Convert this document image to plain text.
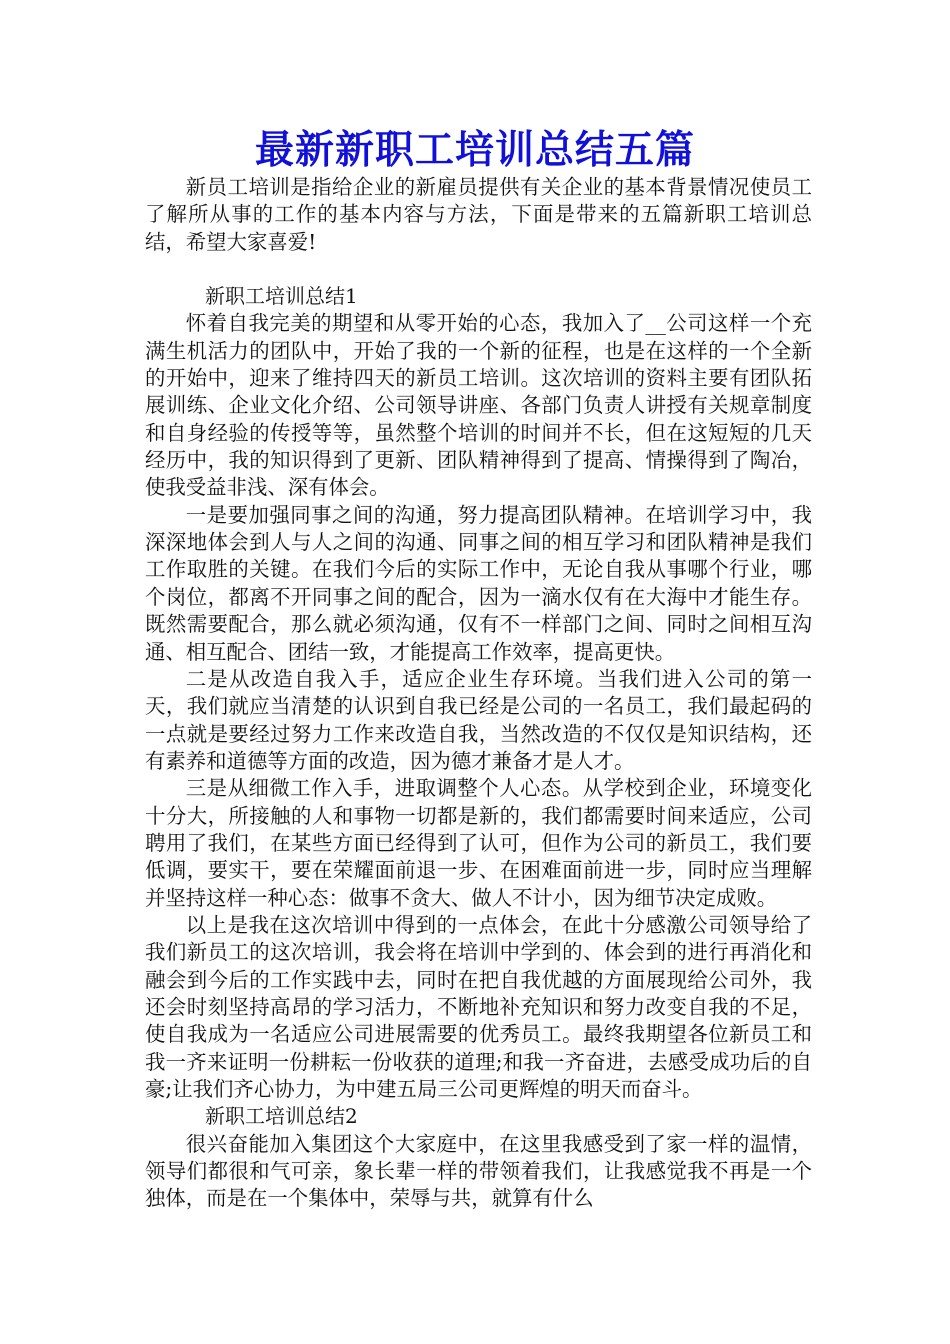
最新新职工培训总结五篇

新员工培训是指给企业的新雇员提供有关企业的基本背景情况使员工了解所从事的工作的基本内容与方法，下面是带来的五篇新职工培训总结，希望大家喜爱!

新职工培训总结1

怀着自我完美的期望和从零开始的心态，我加入了__公司这样一个充满生机活力的团队中，开始了我的一个新的征程，也是在这样的一个全新的开始中，迎来了维持四天的新员工培训。这次培训的资料主要有团队拓展训练、企业文化介绍、公司领导讲座、各部门负责人讲授有关规章制度和自身经验的传授等等，虽然整个培训的时间并不长，但在这短短的几天经历中，我的知识得到了更新、团队精神得到了提高、情操得到了陶冶，使我受益非浅、深有体会。

一是要加强同事之间的沟通，努力提高团队精神。在培训学习中，我深深地体会到人与人之间的沟通、同事之间的相互学习和团队精神是我们工作取胜的关键。在我们今后的实际工作中，无论自我从事哪个行业，哪个岗位，都离不开同事之间的配合，因为一滴水仅有在大海中才能生存。既然需要配合，那么就必须沟通，仅有不一样部门之间、同时之间相互沟通、相互配合、团结一致，才能提高工作效率，提高更快。

二是从改造自我入手，适应企业生存环境。当我们进入公司的第一天，我们就应当清楚的认识到自我已经是公司的一名员工，我们最起码的一点就是要经过努力工作来改造自我，当然改造的不仅仅是知识结构，还有素养和道德等方面的改造，因为德才兼备才是人才。

三是从细微工作入手，进取调整个人心态。从学校到企业，环境变化十分大，所接触的人和事物一切都是新的，我们都需要时间来适应，公司聘用了我们，在某些方面已经得到了认可，但作为公司的新员工，我们要低调，要实干，要在荣耀面前退一步、在困难面前进一步，同时应当理解并坚持这样一种心态：做事不贪大、做人不计小，因为细节决定成败。

以上是我在这次培训中得到的一点体会，在此十分感激公司领导给了我们新员工的这次培训，我会将在培训中学到的、体会到的进行再消化和融会到今后的工作实践中去，同时在把自我优越的方面展现给公司外，我还会时刻坚持高昂的学习活力，不断地补充知识和努力改变自我的不足，使自我成为一名适应公司进展需要的优秀员工。最终我期望各位新员工和我一齐来证明一份耕耘一份收获的道理;和我一齐奋进，去感受成功后的自豪;让我们齐心协力，为中建五局三公司更辉煌的明天而奋斗。

新职工培训总结2

很兴奋能加入集团这个大家庭中，在这里我感受到了家一样的温情，领导们都很和气可亲，象长辈一样的带领着我们，让我感觉我不再是一个独体，而是在一个集体中，荣辱与共，就算有什么
